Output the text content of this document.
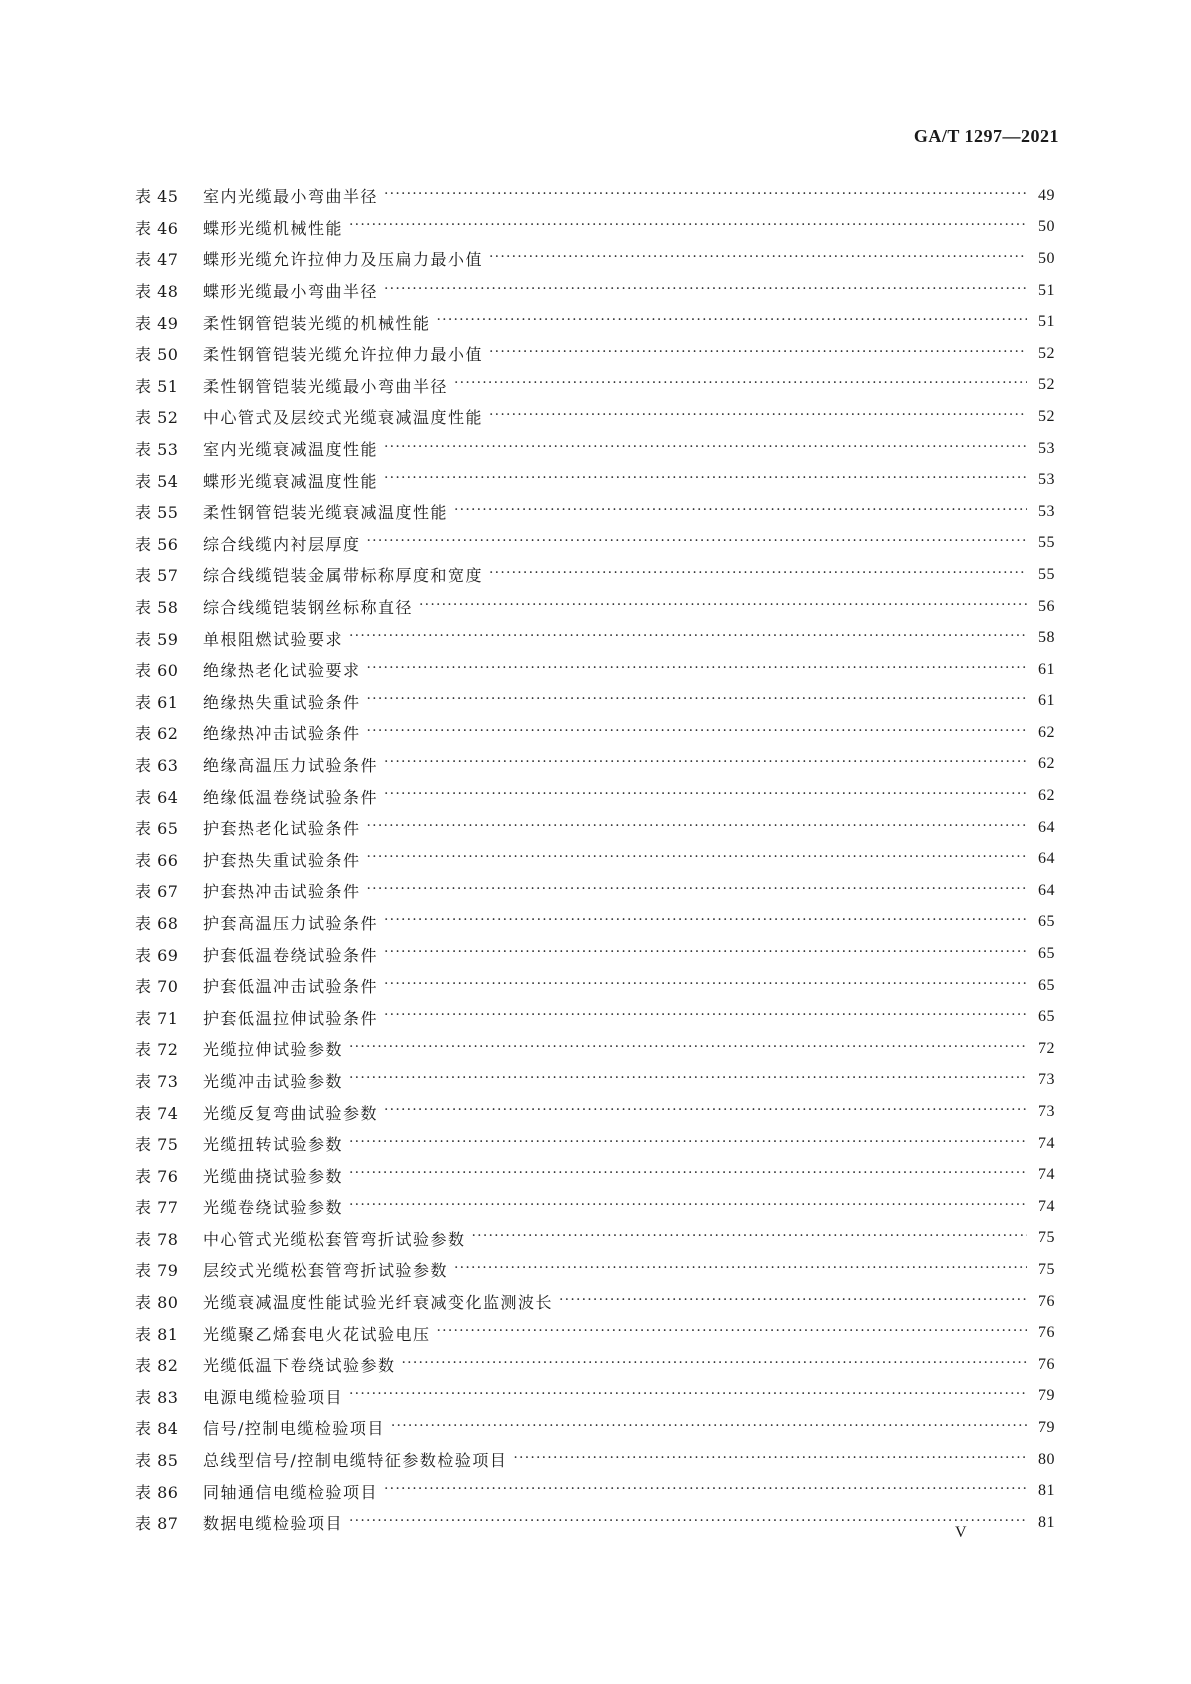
GA/T 1297—2021
表 45	室内光缆最小弯曲半径 ·····	49
表 46	蝶形光缆机械性能 ·····	50
表 47	蝶形光缆允许拉伸力及压扁力最小值 ·····	50
表 48	蝶形光缆最小弯曲半径 ·····	51
表 49	柔性钢管铠装光缆的机械性能 ·····	51
表 50	柔性钢管铠装光缆允许拉伸力最小值 ·····	52
表 51	柔性钢管铠装光缆最小弯曲半径 ·····	52
表 52	中心管式及层绞式光缆衰减温度性能 ·····	52
表 53	室内光缆衰减温度性能 ·····	53
表 54	蝶形光缆衰减温度性能 ·····	53
表 55	柔性钢管铠装光缆衰减温度性能 ·····	53
表 56	综合线缆内衬层厚度 ·····	55
表 57	综合线缆铠装金属带标称厚度和宽度 ·····	55
表 58	综合线缆铠装钢丝标称直径 ·····	56
表 59	单根阻燃试验要求 ·····	58
表 60	绝缘热老化试验要求 ·····	61
表 61	绝缘热失重试验条件 ·····	61
表 62	绝缘热冲击试验条件 ·····	62
表 63	绝缘高温压力试验条件 ·····	62
表 64	绝缘低温卷绕试验条件 ·····	62
表 65	护套热老化试验条件 ·····	64
表 66	护套热失重试验条件 ·····	64
表 67	护套热冲击试验条件 ·····	64
表 68	护套高温压力试验条件 ·····	65
表 69	护套低温卷绕试验条件 ·····	65
表 70	护套低温冲击试验条件 ·····	65
表 71	护套低温拉伸试验条件 ·····	65
表 72	光缆拉伸试验参数 ·····	72
表 73	光缆冲击试验参数 ·····	73
表 74	光缆反复弯曲试验参数 ·····	73
表 75	光缆扭转试验参数 ·····	74
表 76	光缆曲挠试验参数 ·····	74
表 77	光缆卷绕试验参数 ·····	74
表 78	中心管式光缆松套管弯折试验参数 ·····	75
表 79	层绞式光缆松套管弯折试验参数 ·····	75
表 80	光缆衰减温度性能试验光纤衰减变化监测波长 ·····	76
表 81	光缆聚乙烯套电火花试验电压 ·····	76
表 82	光缆低温下卷绕试验参数 ·····	76
表 83	电源电缆检验项目 ·····	79
表 84	信号/控制电缆检验项目 ·····	79
表 85	总线型信号/控制电缆特征参数检验项目 ·····	80
表 86	同轴通信电缆检验项目 ·····	81
表 87	数据电缆检验项目 ·····	81
V
